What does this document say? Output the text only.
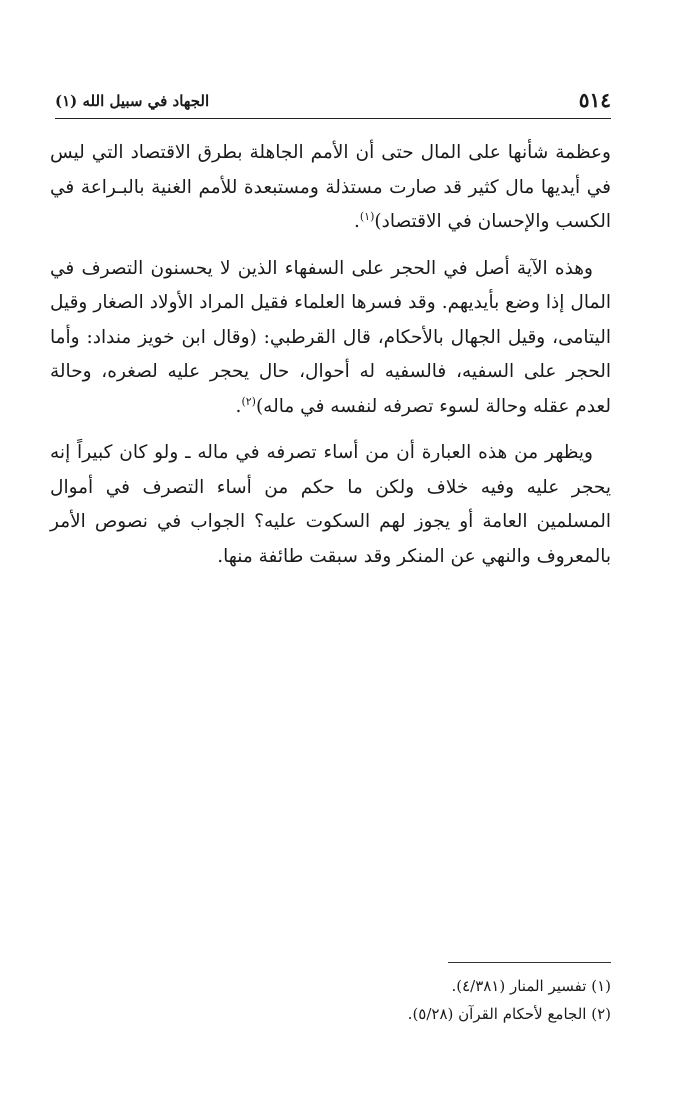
٥١٤
الجهاد في سبيل الله (١)

وعظمة شأنها على المال حتى أن الأمم الجاهلة بطرق الاقتصاد التي ليس في أيديها مال كثير قد صارت مستذلة ومستبعدة للأمم الغنية بالبـراعة في الكسب والإحسان في الاقتصاد)$^{(١)}$.

وهذه الآية أصل في الحجر على السفهاء الذين لا يحسنون التصرف في المال إذا وضع بأيديهم. وقد فسرها العلماء فقيل المراد الأولاد الصغار وقيل اليتامى، وقيل الجهال بالأحكام، قال القرطبي: (وقال ابن خويز منداد: وأما الحجر على السفيه، فالسفيه له أحوال، حال يحجر عليه لصغره، وحالة لعدم عقله وحالة لسوء تصرفه لنفسه في ماله)$^{(٢)}$.

ويظهر من هذه العبارة أن من أساء تصرفه في ماله ـ ولو كان كبيراً إنه يحجر عليه وفيه خلاف ولكن ما حكم من أساء التصرف في أموال المسلمين العامة أو يجوز لهم السكوت عليه؟ الجواب في نصوص الأمر بالمعروف والنهي عن المنكر وقد سبقت طائفة منها.

(١) تفسير المنار (٤/٣٨١).
(٢) الجامع لأحكام القرآن (٥/٢٨).
